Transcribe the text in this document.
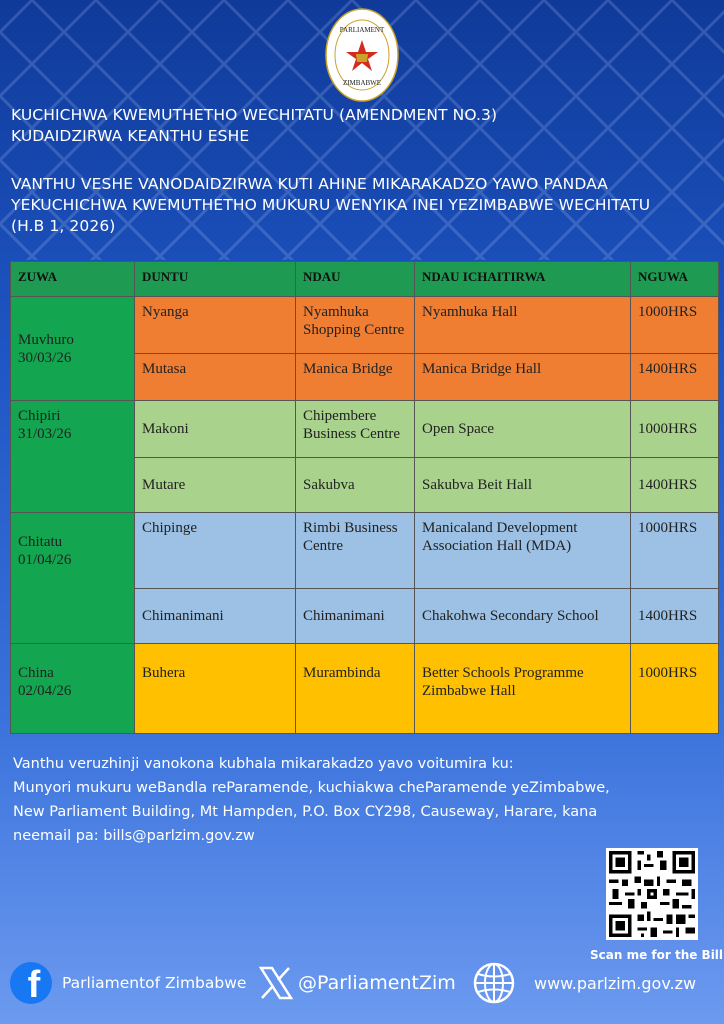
PARLIAMENT
ZIMBABWE
KUCHICHWA KWEMUTHETHO WECHITATU (AMENDMENT NO.3)
KUDAIDZIRWA KEANTHU ESHE
VANTHU VESHE VANODAIDZIRWA KUTI AHINE MIKARAKADZO YAWO PANDAA
YEKUCHICHWA KWEMUTHETHO MUKURU WENYIKA INEI YEZIMBABWE WECHITATU
(H.B 1, 2026)
ZUWA	DUNTU	NDAU	NDAU ICHAITIRWA	NGUWA

Muvhuro
30/03/26	Nyanga	Nyamhuka Shopping Centre	Nyamhuka Hall	1000HRS
	Mutasa	Manica Bridge	Manica Bridge Hall	1400HRS

Chipiri
31/03/26	Makoni	Chipembere Business Centre	Open Space	1000HRS
	Mutare	Sakubva	Sakubva Beit Hall	1400HRS

Chitatu
01/04/26	Chipinge	Rimbi Business Centre	Manicaland Development Association Hall (MDA)	1000HRS
	Chimanimani	Chimanimani	Chakohwa Secondary School	1400HRS

China
02/04/26	Buhera	Murambinda	Better Schools Programme Zimbabwe Hall	1000HRS
Vanthu veruzhinji vanokona kubhala mikarakadzo yavo voitumira ku:
Munyori mukuru weBandla reParamende, kuchiakwa cheParamende yeZimbabwe,
New Parliament Building, Mt Hampden, P.O. Box CY298, Causeway, Harare, kana
neemail pa: bills@parlzim.gov.zw
Scan me for the Bill
f Parliamentof Zimbabwe	@ParliamentZim	www.parlzim.gov.zw
